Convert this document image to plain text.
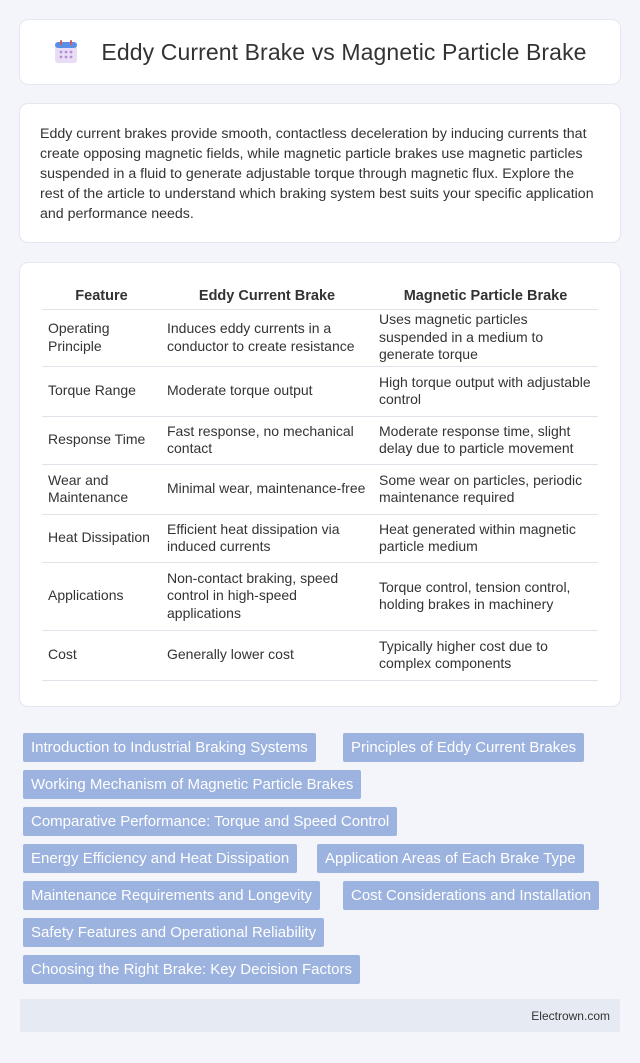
Eddy Current Brake vs Magnetic Particle Brake

Eddy current brakes provide smooth, contactless deceleration by inducing currents that create opposing magnetic fields, while magnetic particle brakes use magnetic particles suspended in a fluid to generate adjustable torque through magnetic flux. Explore the rest of the article to understand which braking system best suits your specific application and performance needs.

Feature	Eddy Current Brake	Magnetic Particle Brake
Operating Principle	Induces eddy currents in a conductor to create resistance	Uses magnetic particles suspended in a medium to generate torque
Torque Range	Moderate torque output	High torque output with adjustable control
Response Time	Fast response, no mechanical contact	Moderate response time, slight delay due to particle movement
Wear and Maintenance	Minimal wear, maintenance-free	Some wear on particles, periodic maintenance required
Heat Dissipation	Efficient heat dissipation via induced currents	Heat generated within magnetic particle medium
Applications	Non-contact braking, speed control in high-speed applications	Torque control, tension control, holding brakes in machinery
Cost	Generally lower cost	Typically higher cost due to complex components
Introduction to Industrial Braking Systems	Principles of Eddy Current Brakes
Working Mechanism of Magnetic Particle Brakes
Comparative Performance: Torque and Speed Control
Energy Efficiency and Heat Dissipation	Application Areas of Each Brake Type
Maintenance Requirements and Longevity	Cost Considerations and Installation
Safety Features and Operational Reliability
Choosing the Right Brake: Key Decision Factors
Electrown.com
